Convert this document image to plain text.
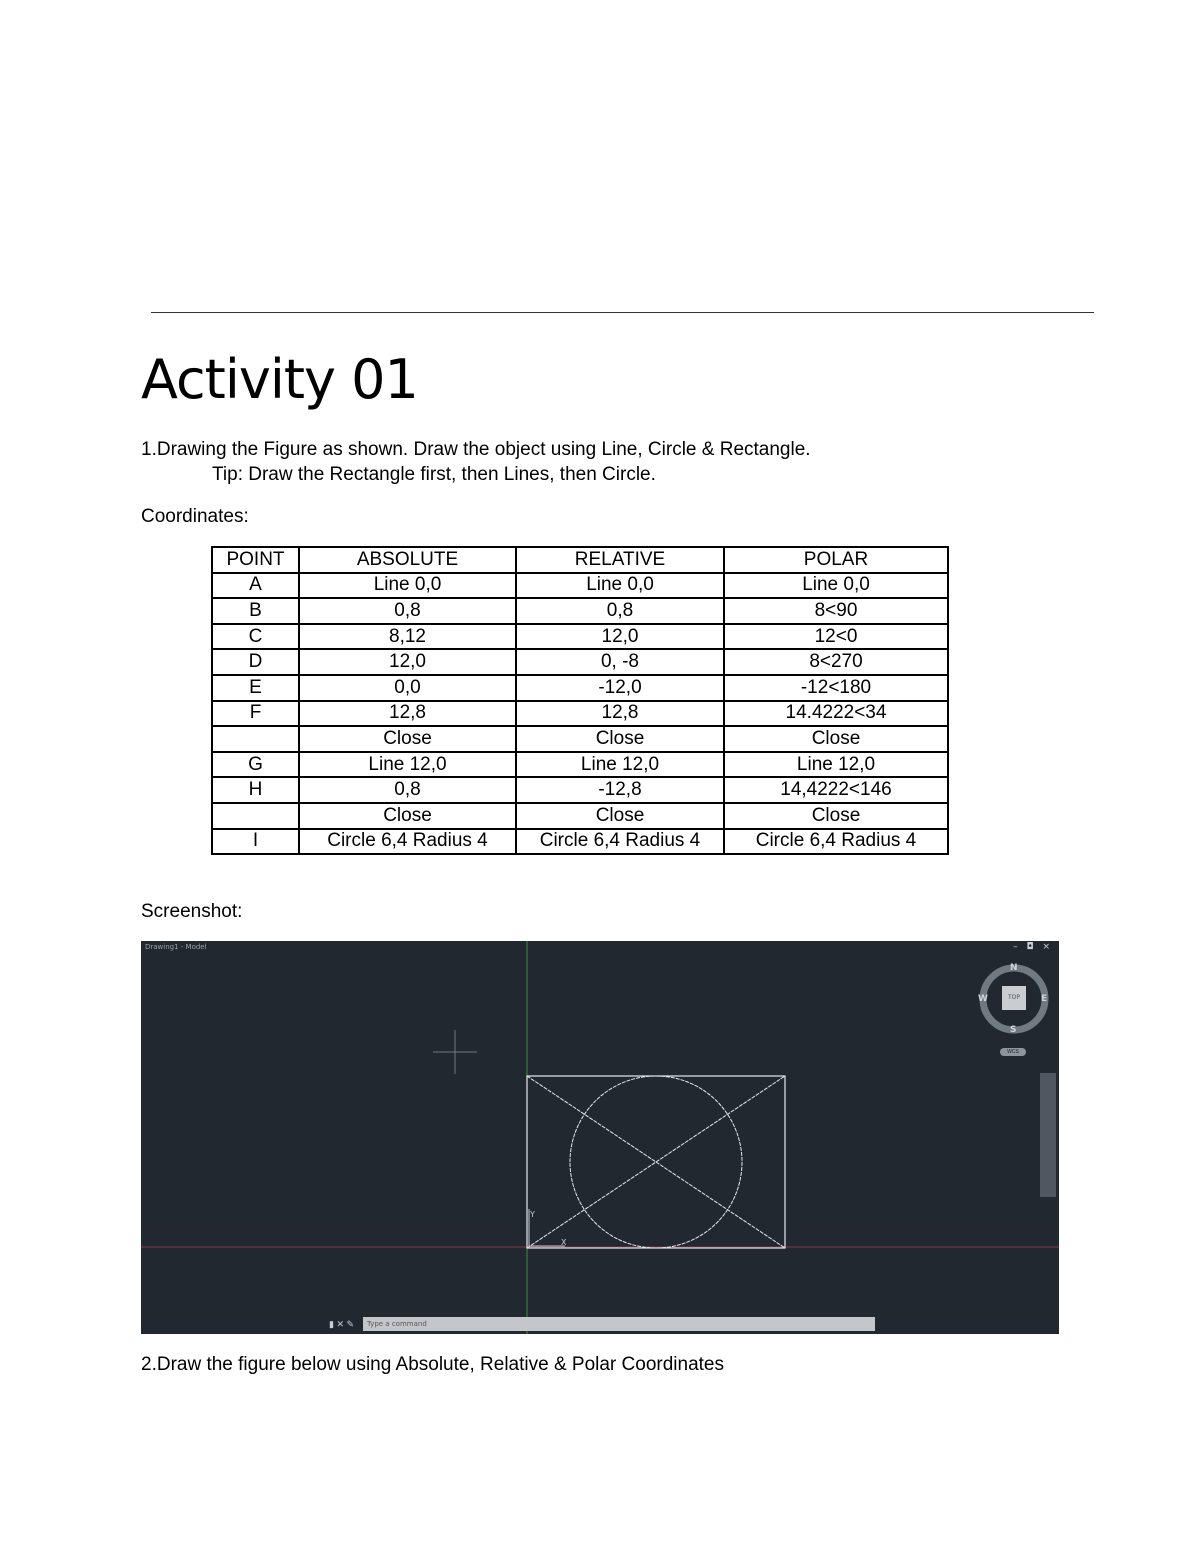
Activity 01
1.Drawing the Figure as shown. Draw the object using Line, Circle & Rectangle.
Tip: Draw the Rectangle first, then Lines, then Circle.
Coordinates:
POINT	ABSOLUTE	RELATIVE	POLAR
A	Line 0,0	Line 0,0	Line 0,0
B	0,8	0,8	8<90
C	8,12	12,0	12<0
D	12,0	0, -8	8<270
E	0,0	-12,0	-12<180
F	12,8	12,8	14.4222<34
	Close	Close	Close
G	Line 12,0	Line 12,0	Line 12,0
H	0,8	-12,8	14,4222<146
	Close	Close	Close
I	Circle 6,4 Radius 4	Circle 6,4 Radius 4	Circle 6,4 Radius 4
Screenshot:
Y
X
Drawing1 - Model	– ◘ ×
N
S
E
W	TOP
WCS
▮ ✕ ✎	Type a command
2.Draw the figure below using Absolute, Relative & Polar Coordinates
